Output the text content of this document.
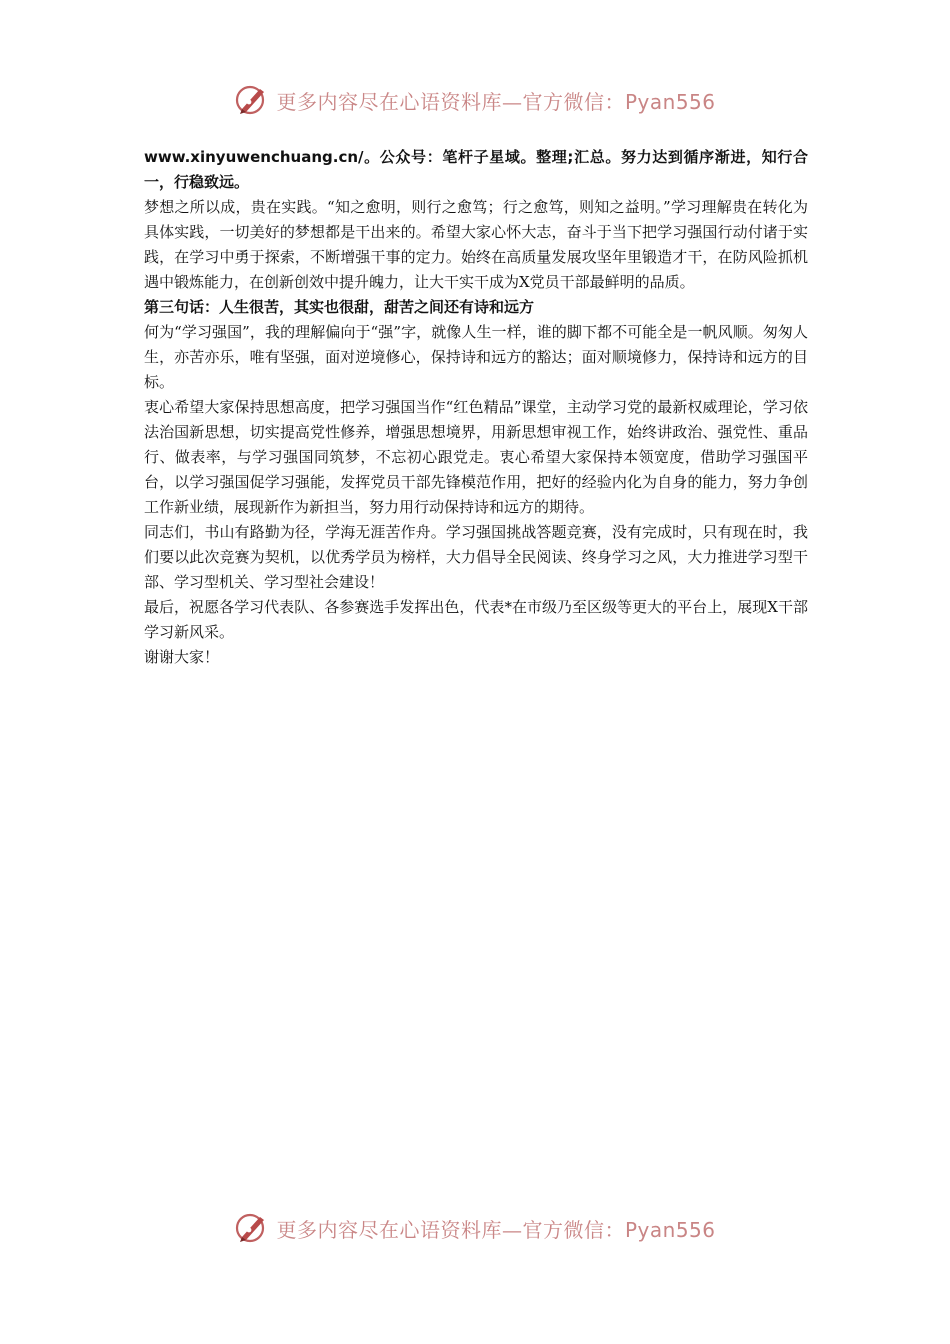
更多内容尽在心语资料库—官方微信：Pyan556

www.xinyuwenchuang.cn/。公众号：笔杆子星域。整理;汇总。努力达到循序渐进，知行合一，行稳致远。

梦想之所以成，贵在实践。“知之愈明，则行之愈笃；行之愈笃，则知之益明。”学习理解贵在转化为具体实践，一切美好的梦想都是干出来的。希望大家心怀大志，奋斗于当下把学习强国行动付诸于实践，在学习中勇于探索，不断增强干事的定力。始终在高质量发展攻坚年里锻造才干，在防风险抓机遇中锻炼能力，在创新创效中提升魄力，让大干实干成为X党员干部最鲜明的品质。

第三句话：人生很苦，其实也很甜，甜苦之间还有诗和远方

何为“学习强国”，我的理解偏向于“强”字，就像人生一样，谁的脚下都不可能全是一帆风顺。匆匆人生，亦苦亦乐，唯有坚强，面对逆境修心，保持诗和远方的豁达；面对顺境修力，保持诗和远方的目标。

衷心希望大家保持思想高度，把学习强国当作“红色精品”课堂，主动学习党的最新权威理论，学习依法治国新思想，切实提高党性修养，增强思想境界，用新思想审视工作，始终讲政治、强党性、重品行、做表率，与学习强国同筑梦，不忘初心跟党走。衷心希望大家保持本领宽度，借助学习强国平台，以学习强国促学习强能，发挥党员干部先锋模范作用，把好的经验内化为自身的能力，努力争创工作新业绩，展现新作为新担当，努力用行动保持诗和远方的期待。

同志们，书山有路勤为径，学海无涯苦作舟。学习强国挑战答题竞赛，没有完成时，只有现在时，我们要以此次竞赛为契机，以优秀学员为榜样，大力倡导全民阅读、终身学习之风，大力推进学习型干部、学习型机关、学习型社会建设！

最后，祝愿各学习代表队、各参赛选手发挥出色，代表*在市级乃至区级等更大的平台上，展现X干部学习新风采。

谢谢大家！

更多内容尽在心语资料库—官方微信：Pyan556
